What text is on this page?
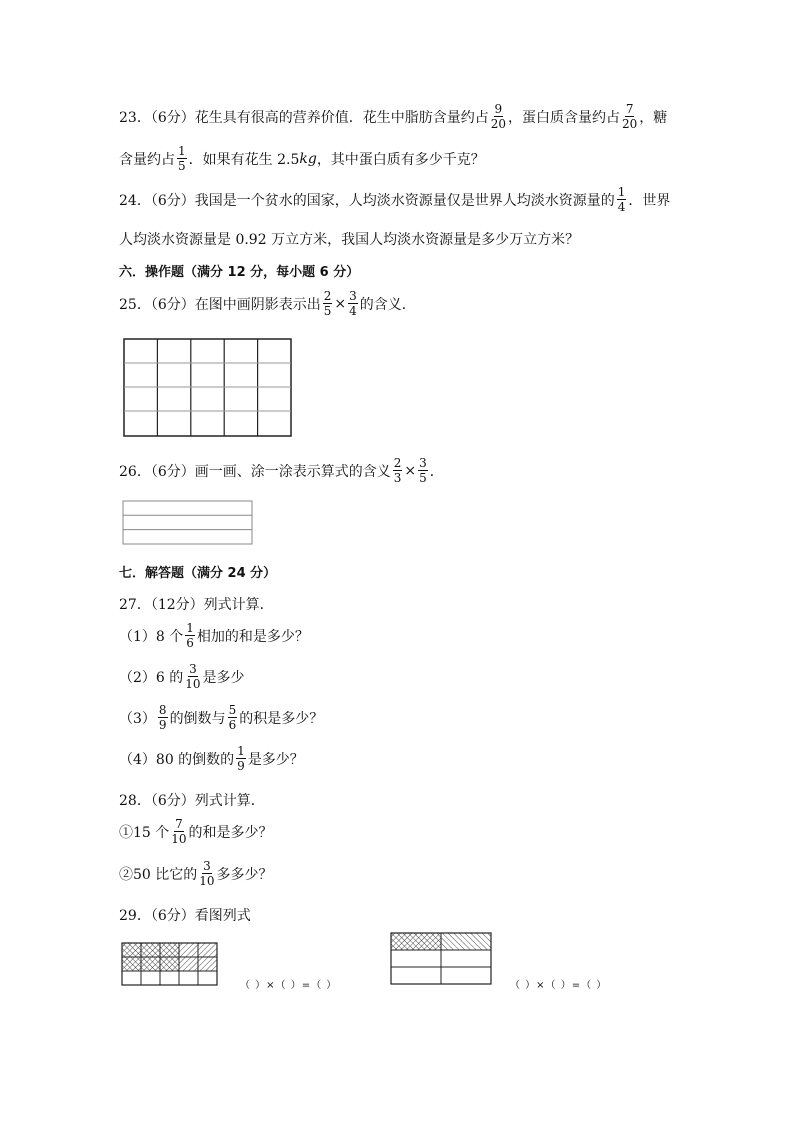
23．（6分）花生具有很高的营养价值．花生中脂肪含量约占 $\frac{9}{20}$ ，蛋白质含量约占 $\frac{7}{20}$ ，糖
含量约占 $\frac{1}{5}$ ．如果有花生 2.5 kg ，其中蛋白质有多少千克？
24．（6分）我国是一个贫水的国家，人均淡水资源量仅是世界人均淡水资源量的 $\frac{1}{4}$ ．世界
人均淡水资源量是 0.92 万立方米，我国人均淡水资源量是多少万立方米？
六．操作题（满分 12 分，每小题 6 分）
25．（6分）在图中画阴影表示出 $\frac{2}{5} \times \frac{3}{4}$ 的含义．
26．（6分）画一画、涂一涂表示算式的含义 $\frac{2}{3} \times \frac{3}{5}$ ．
七．解答题（满分 24 分）
27．（12分）列式计算．
（1）8 个 $\frac{1}{6}$ 相加的和是多少？
（2）6 的 $\frac{3}{10}$ 是多少
$(3) \frac{8}{9}$ 的倒数与 $\frac{5}{6}$ 的积是多少？
（4）80 的倒数的 $\frac{1}{9}$ 是多少？
28．（6分）列式计算．
①15 个 $\frac{7}{10}$ 的和是多少？
②50 比它的 $\frac{3}{10}$ 多多少？
29．（6分）看图列式
（ ）×（ ）=（ ）	（ ）×（ ）=（ ）
